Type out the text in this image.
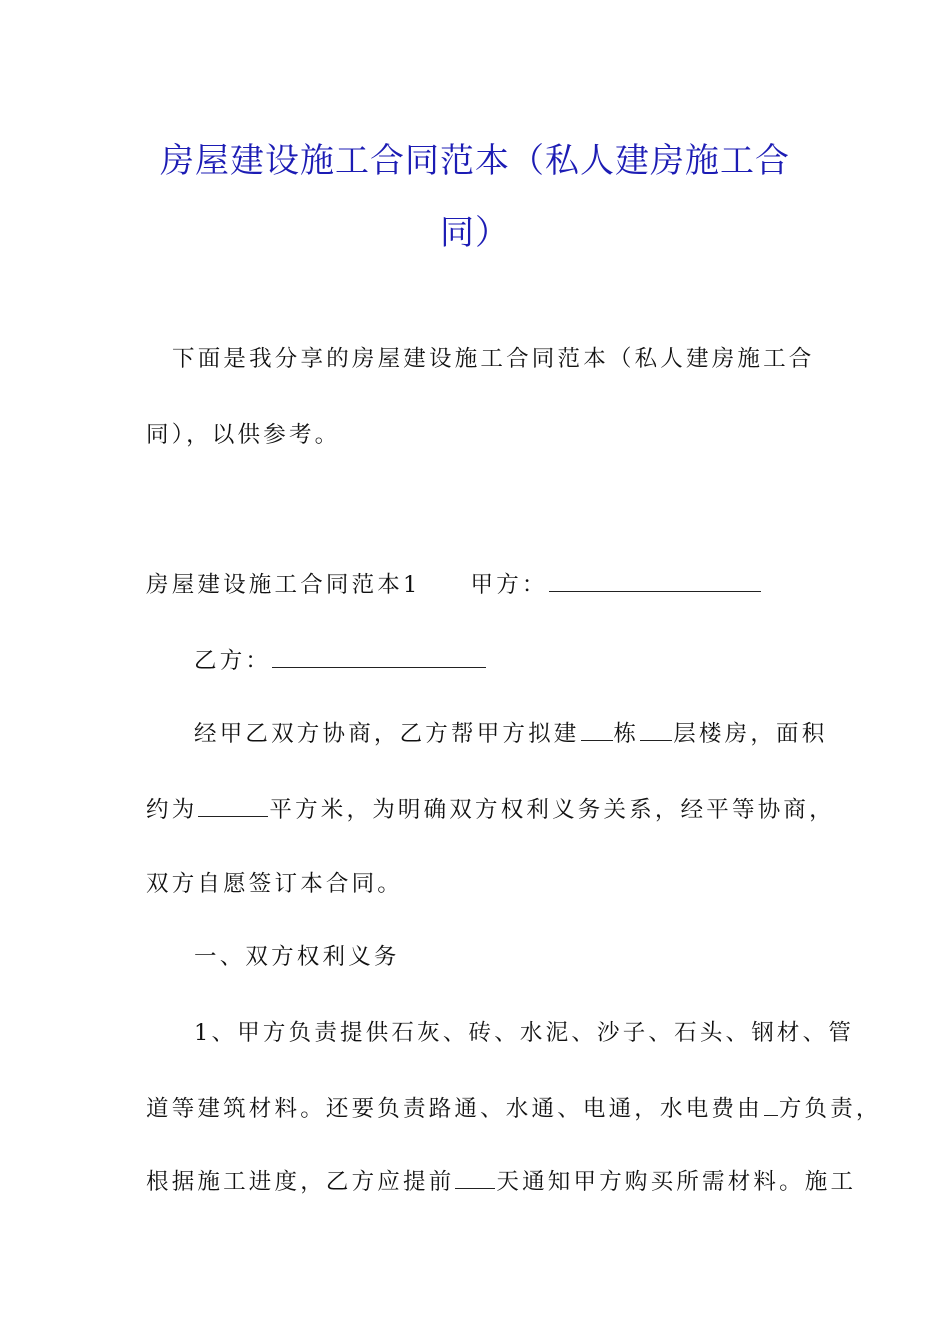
房屋建设施工合同范本（私人建房施工合
同）
下面是我分享的房屋建设施工合同范本（私人建房施工合
同），以供参考。
房屋建设施工合同范本1 甲方：
乙方：
经甲乙双方协商，乙方帮甲方拟建 栋 层楼房，面积
约为	平方米，为明确双方权利义务关系，经平等协商，
双方自愿签订本合同。
一、双方权利义务
1、甲方负责提供石灰、砖、水泥、沙子、石头、钢材、管
道等建筑材料。还要负责路通、水通、电通，水电费由 方负责，
根据施工进度，乙方应提前 天通知甲方购买所需材料。施工
